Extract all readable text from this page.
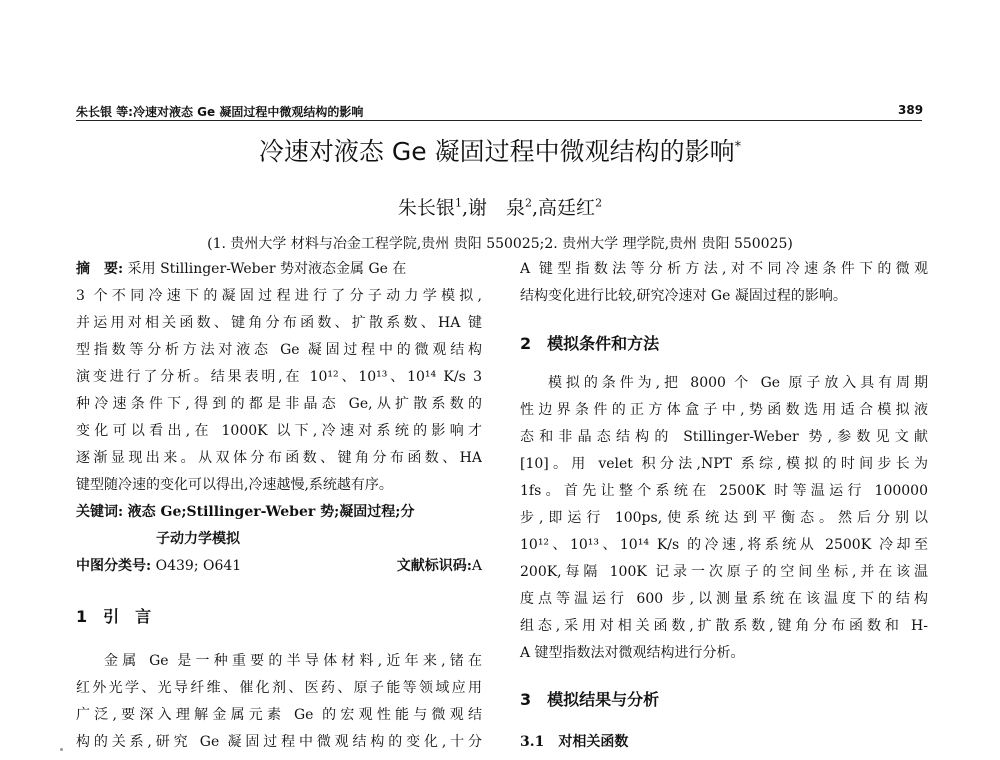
朱长银 等:冷速对液态 Ge 凝固过程中微观结构的影响	389
冷速对液态 Ge 凝固过程中微观结构的影响*
朱长银$^1$,谢　泉$^2$,高廷红$^2$
(1. 贵州大学 材料与冶金工程学院,贵州 贵阳 550025;2. 贵州大学 理学院,贵州 贵阳 550025)
摘　要: 采用 Stillinger-Weber 势对液态金属 Ge 在
3 个不同冷速下的凝固过程进行了分子动力学模拟,
并运用对相关函数、键角分布函数、扩散系数、HA 键
型指数等分析方法对液态 Ge 凝固过程中的微观结构
演变进行了分析。结果表明,在 10¹²、10¹³、10¹⁴ K/s 3
种冷速条件下,得到的都是非晶态 Ge,从扩散系数的
变化可以看出,在 1000K 以下,冷速对系统的影响才
逐渐显现出来。从双体分布函数、键角分布函数、HA
键型随冷速的变化可以得出,冷速越慢,系统越有序。
关键词: 液态 Ge;Stillinger-Weber 势;凝固过程;分
子动力学模拟
中图分类号: O439; O641	文献标识码:A
1　引　言
金属 Ge 是一种重要的半导体材料,近年来,锗在
红外光学、光导纤维、催化剂、医药、原子能等领域应用
广泛,要深入理解金属元素 Ge 的宏观性能与微观结
构的关系,研究 Ge 凝固过程中微观结构的变化,十分
A 键型指数法等分析方法,对不同冷速条件下的微观
结构变化进行比较,研究冷速对 Ge 凝固过程的影响。
2　模拟条件和方法
模拟的条件为,把 8000 个 Ge 原子放入具有周期
性边界条件的正方体盒子中,势函数选用适合模拟液
态和非晶态结构的 Stillinger-Weber 势,参数见文献
[10]。用 velet 积分法,NPT 系综,模拟的时间步长为
1fs。首先让整个系统在 2500K 时等温运行 100000
步,即运行 100ps,使系统达到平衡态。然后分别以
10¹²、10¹³、10¹⁴ K/s 的冷速,将系统从 2500K 冷却至
200K,每隔 100K 记录一次原子的空间坐标,并在该温
度点等温运行 600 步,以测量系统在该温度下的结构
组态,采用对相关函数,扩散系数,键角分布函数和 H-
A 键型指数法对微观结构进行分析。
3　模拟结果与分析
3.1　对相关函数
